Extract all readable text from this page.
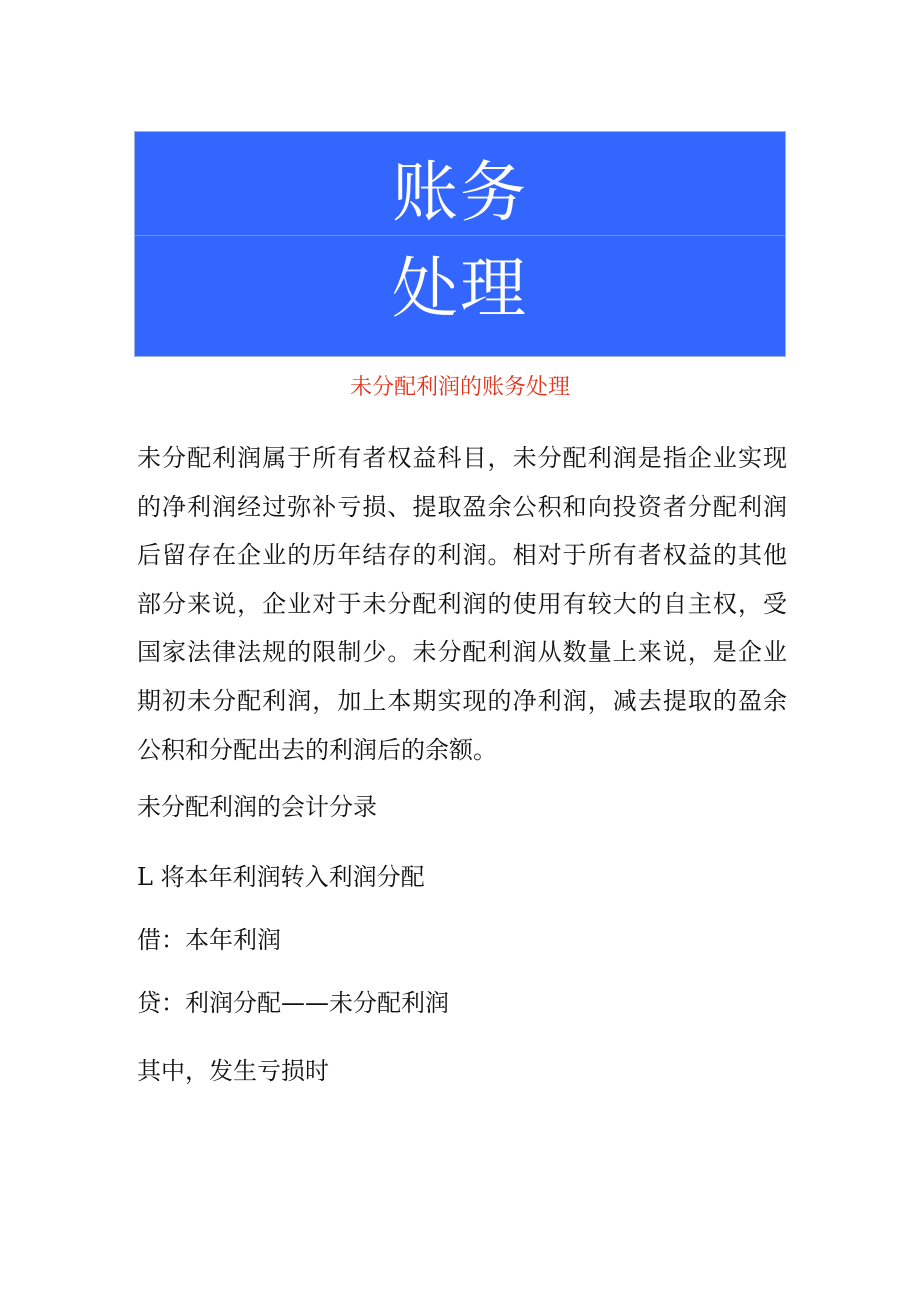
账务
处理
未分配利润的账务处理

未分配利润属于所有者权益科目，未分配利润是指企业实现
的净利润经过弥补亏损、提取盈余公积和向投资者分配利润
后留存在企业的历年结存的利润。相对于所有者权益的其他
部分来说，企业对于未分配利润的使用有较大的自主权，受
国家法律法规的限制少。未分配利润从数量上来说，是企业
期初未分配利润，加上本期实现的净利润，减去提取的盈余
公积和分配出去的利润后的余额。

未分配利润的会计分录
L 将本年利润转入利润分配
借：本年利润
贷：利润分配——未分配利润
其中，发生亏损时
